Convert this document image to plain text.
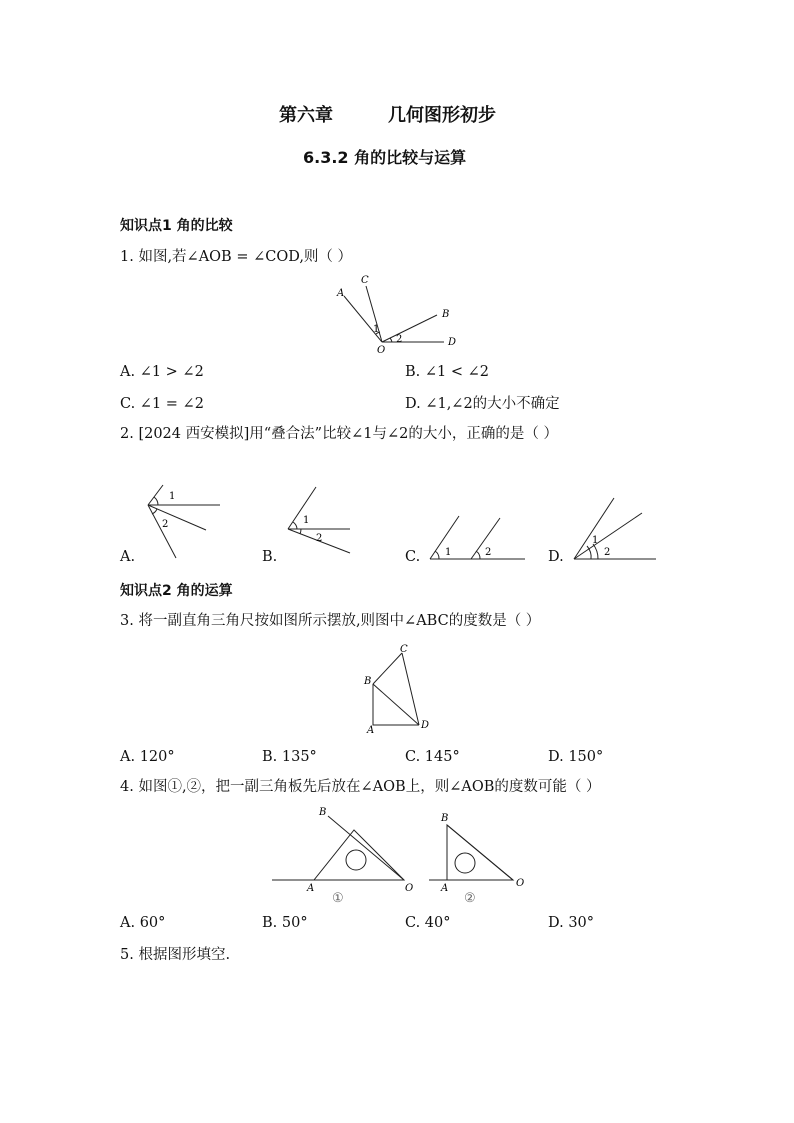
第六章	几何图形初步
6.3.2 角的比较与运算
知识点1 角的比较
1. 如图,若∠AOB = ∠COD,则（ ）
A
C
B
D
O
1
2
A. ∠1 > ∠2	B. ∠1 < ∠2
C. ∠1 = ∠2	D. ∠1,∠2的大小不确定
2. [2024 西安模拟]用“叠合法”比较∠1与∠2的大小，正确的是（ ）
1
2
A.
1
2
B.	1	2
C.
1
2
D.
知识点2 角的运算
3. 将一副直角三角尺按如图所示摆放,则图中∠ABC的度数是（ ）
B
C
A	D
A. 120°	B. 135°	C. 145°	D. 150°
4. 如图①,②，把一副三角板先后放在∠AOB上，则∠AOB的度数可能（ ）
B
A	O
①
B
A	O
②
A. 60°	B. 50°	C. 40°	D. 30°
5. 根据图形填空.
